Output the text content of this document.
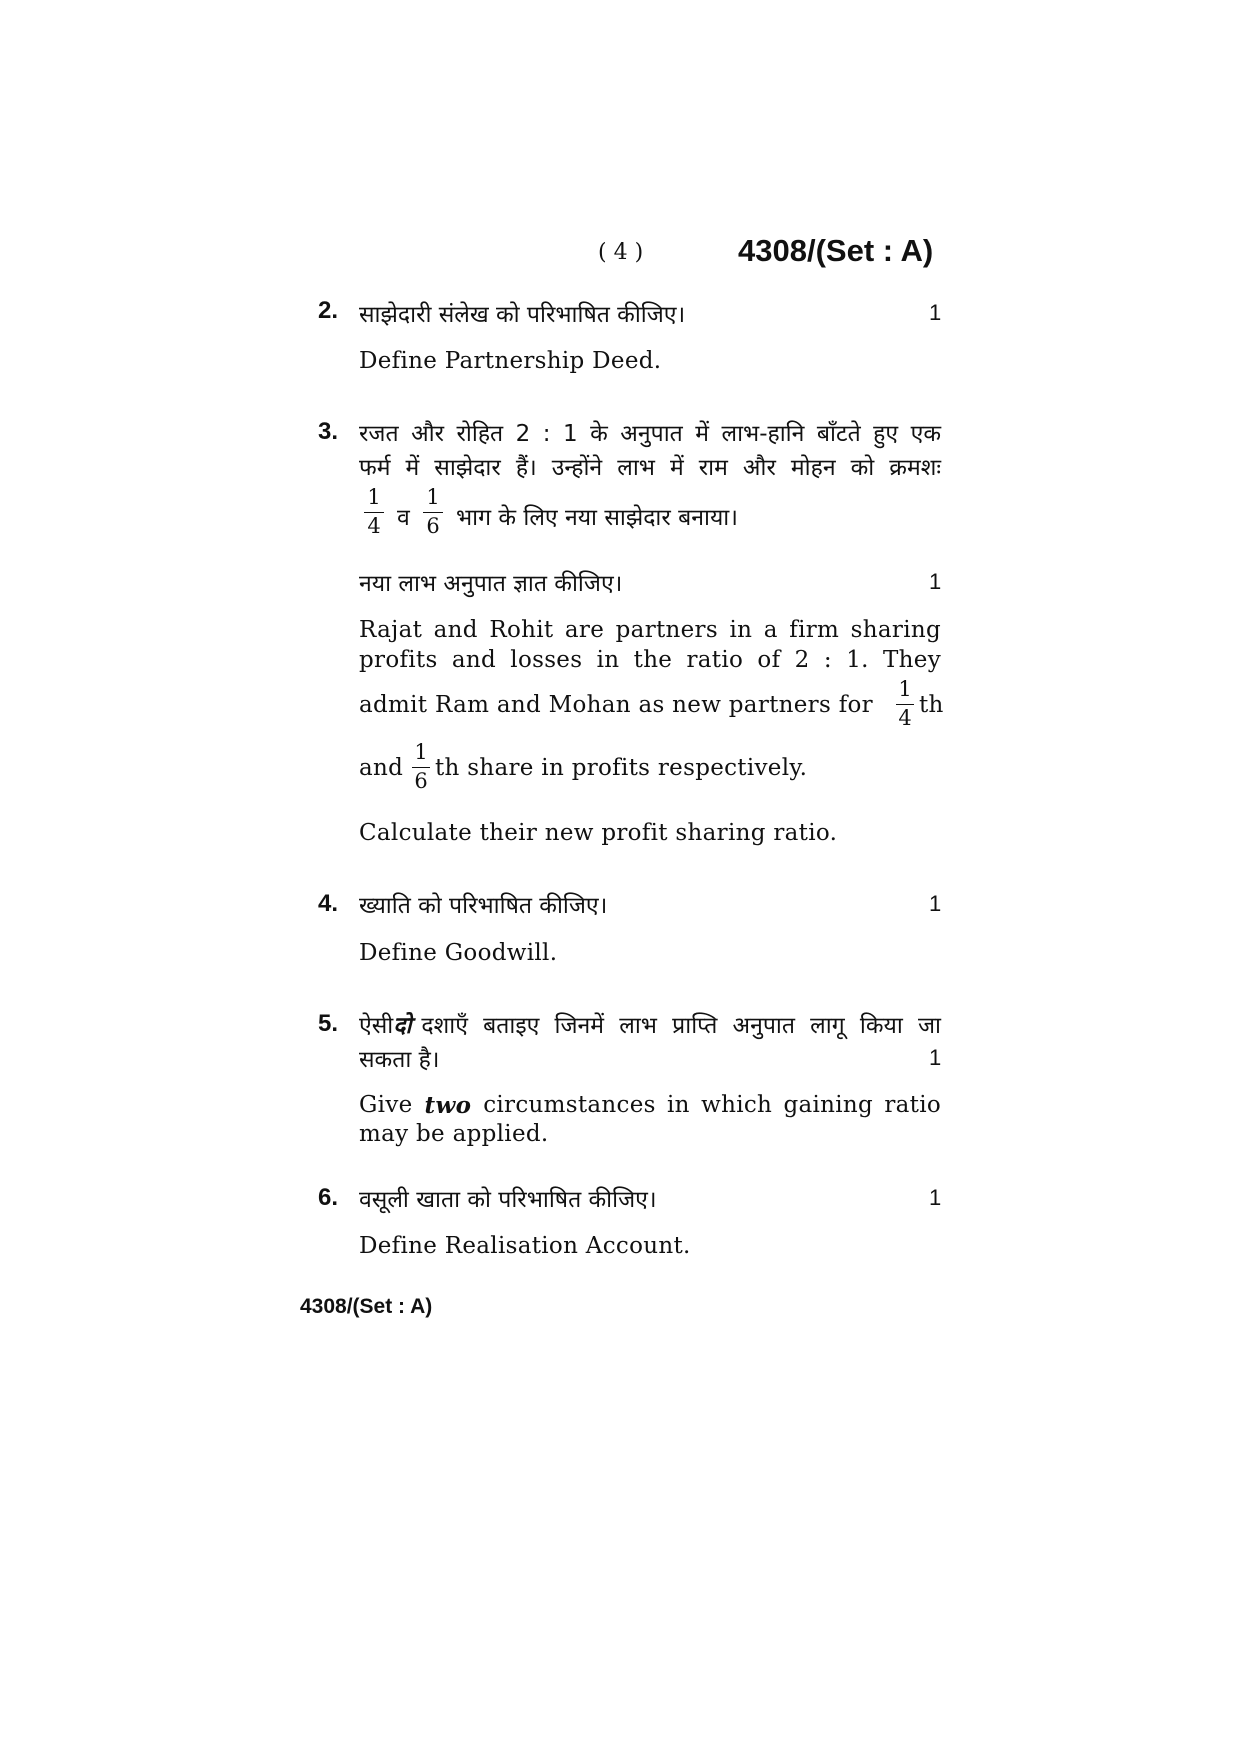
( 4 )	4308/(Set : A)
2. साझेदारी संलेख को परिभाषित कीजिए।	1
Define Partnership Deed.
3. रजत और रोहित 2 : 1 के अनुपात में लाभ-हानि बाँटते हुए एक
फर्म में साझेदार हैं। उन्होंने लाभ में राम और मोहन को क्रमशः
1
4 व
1
6 भाग के लिए नया साझेदार बनाया।
नया लाभ अनुपात ज्ञात कीजिए।	1
Rajat and Rohit are partners in a firm sharing
profits and losses in the ratio of 2 : 1. They
admit Ram and Mohan as new partners for
1
4 th
and
1
6 th share in profits respectively.
Calculate their new profit sharing ratio.
4. ख्याति को परिभाषित कीजिए।	1
Define Goodwill.
5. ऐसी दो दशाएँ बताइए जिनमें लाभ प्राप्ति अनुपात लागू किया जा
सकता है।	1
Give two circumstances in which gaining ratio
may be applied.
6. वसूली खाता को परिभाषित कीजिए।	1
Define Realisation Account.
4308/(Set : A)
